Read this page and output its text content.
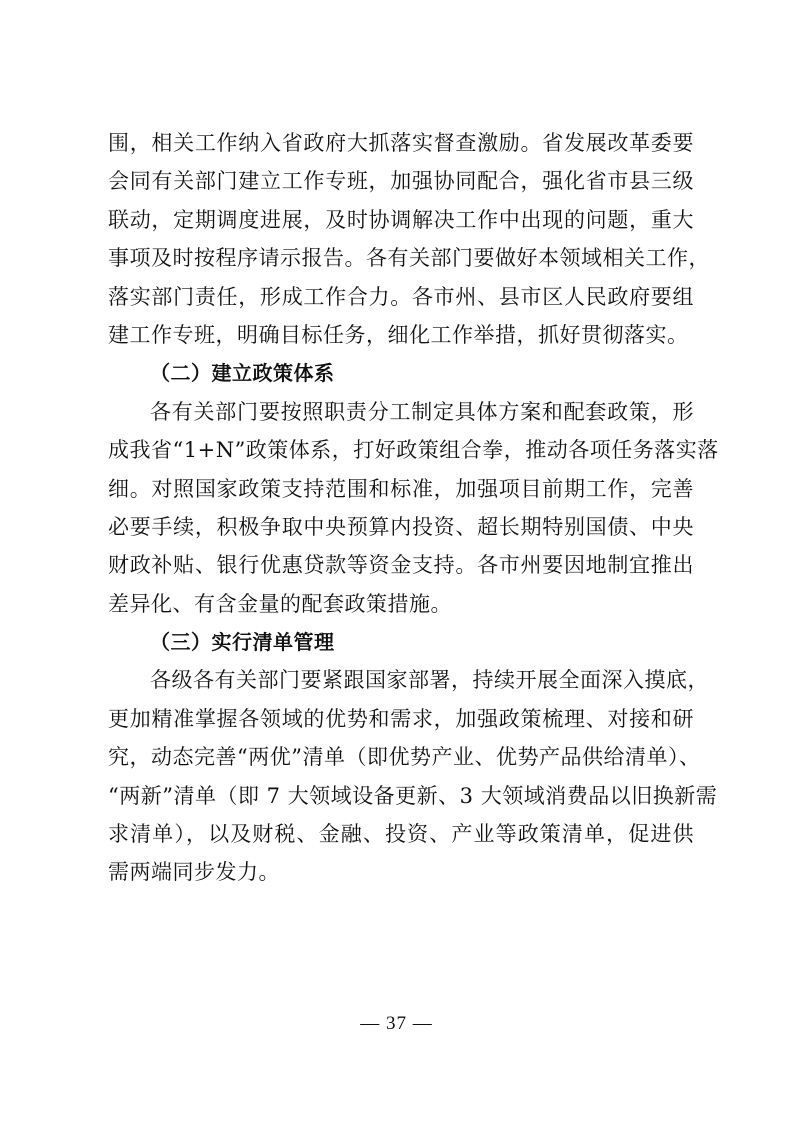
围，相关工作纳入省政府大抓落实督查激励。省发展改革委要
会同有关部门建立工作专班，加强协同配合，强化省市县三级
联动，定期调度进展，及时协调解决工作中出现的问题，重大
事项及时按程序请示报告。各有关部门要做好本领域相关工作，
落实部门责任，形成工作合力。各市州、县市区人民政府要组
建工作专班，明确目标任务，细化工作举措，抓好贯彻落实。
（二）建立政策体系
各有关部门要按照职责分工制定具体方案和配套政策，形
成我省“1+N”政策体系，打好政策组合拳，推动各项任务落实落
细。对照国家政策支持范围和标准，加强项目前期工作，完善
必要手续，积极争取中央预算内投资、超长期特别国债、中央
财政补贴、银行优惠贷款等资金支持。各市州要因地制宜推出
差异化、有含金量的配套政策措施。
（三）实行清单管理
各级各有关部门要紧跟国家部署，持续开展全面深入摸底，
更加精准掌握各领域的优势和需求，加强政策梳理、对接和研
究，动态完善“两优”清单（即优势产业、优势产品供给清单）、
“两新”清单（即 7 大领域设备更新、3 大领域消费品以旧换新需
求清单），以及财税、金融、投资、产业等政策清单，促进供
需两端同步发力。
— 37 —
